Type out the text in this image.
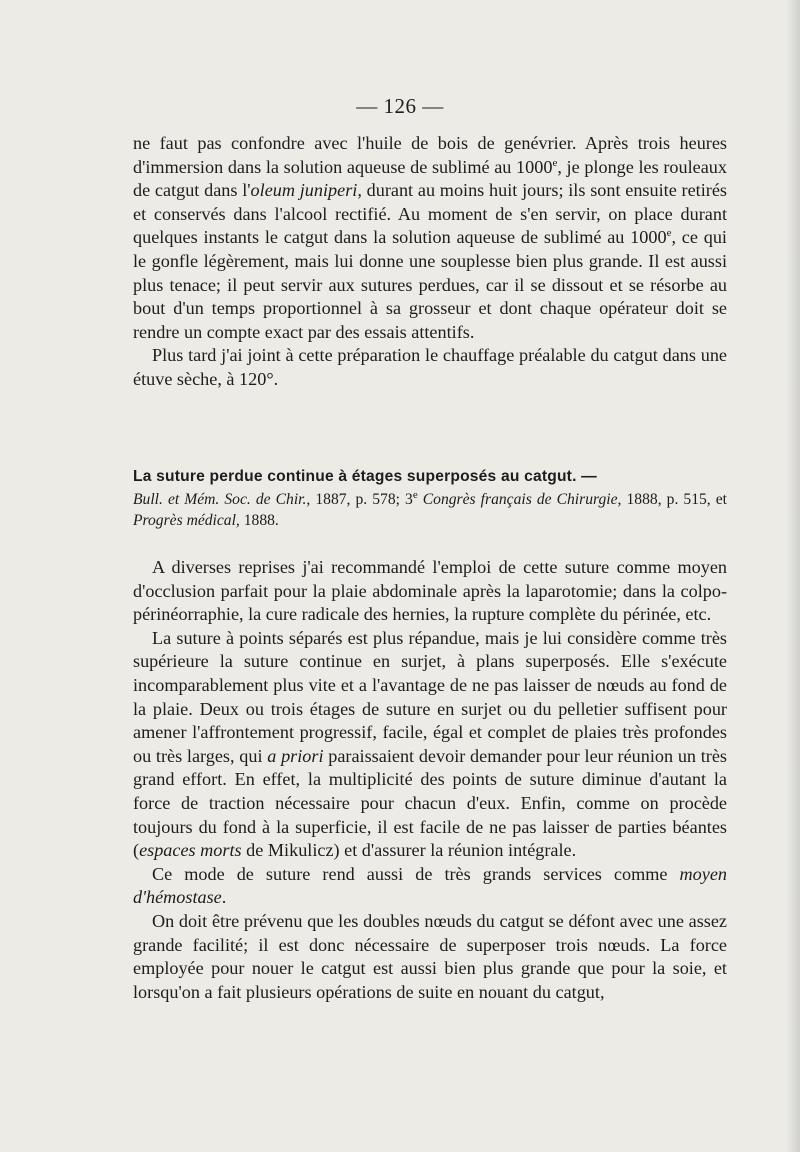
— 126 —

ne faut pas confondre avec l'huile de bois de genévrier. Après trois heures d'immersion dans la solution aqueuse de sublimé au 1000e, je plonge les rouleaux de catgut dans l'oleum juniperi, durant au moins huit jours; ils sont ensuite retirés et conservés dans l'alcool rectifié. Au moment de s'en servir, on place durant quelques instants le catgut dans la solution aqueuse de sublimé au 1000e, ce qui le gonfle légèrement, mais lui donne une souplesse bien plus grande. Il est aussi plus tenace; il peut servir aux sutures perdues, car il se dissout et se résorbe au bout d'un temps proportionnel à sa grosseur et dont chaque opérateur doit se rendre un compte exact par des essais attentifs.

Plus tard j'ai joint à cette préparation le chauffage préalable du catgut dans une étuve sèche, à 120°.

La suture perdue continue à étages superposés au catgut. —

Bull. et Mém. Soc. de Chir., 1887, p. 578; 3e Congrès français de Chirurgie, 1888, p. 515, et Progrès médical, 1888.

A diverses reprises j'ai recommandé l'emploi de cette suture comme moyen d'occlusion parfait pour la plaie abdominale après la laparotomie; dans la colpo-périnéorraphie, la cure radicale des hernies, la rupture complète du périnée, etc.

La suture à points séparés est plus répandue, mais je lui considère comme très supérieure la suture continue en surjet, à plans superposés. Elle s'exécute incomparablement plus vite et a l'avantage de ne pas laisser de nœuds au fond de la plaie. Deux ou trois étages de suture en surjet ou du pelletier suffisent pour amener l'affrontement progressif, facile, égal et complet de plaies très profondes ou très larges, qui a priori paraissaient devoir demander pour leur réunion un très grand effort. En effet, la multiplicité des points de suture diminue d'autant la force de traction nécessaire pour chacun d'eux. Enfin, comme on procède toujours du fond à la superficie, il est facile de ne pas laisser de parties béantes (espaces morts de Mikulicz) et d'assurer la réunion intégrale.

Ce mode de suture rend aussi de très grands services comme moyen d'hémostase.

On doit être prévenu que les doubles nœuds du catgut se défont avec une assez grande facilité; il est donc nécessaire de superposer trois nœuds. La force employée pour nouer le catgut est aussi bien plus grande que pour la soie, et lorsqu'on a fait plusieurs opérations de suite en nouant du catgut,
